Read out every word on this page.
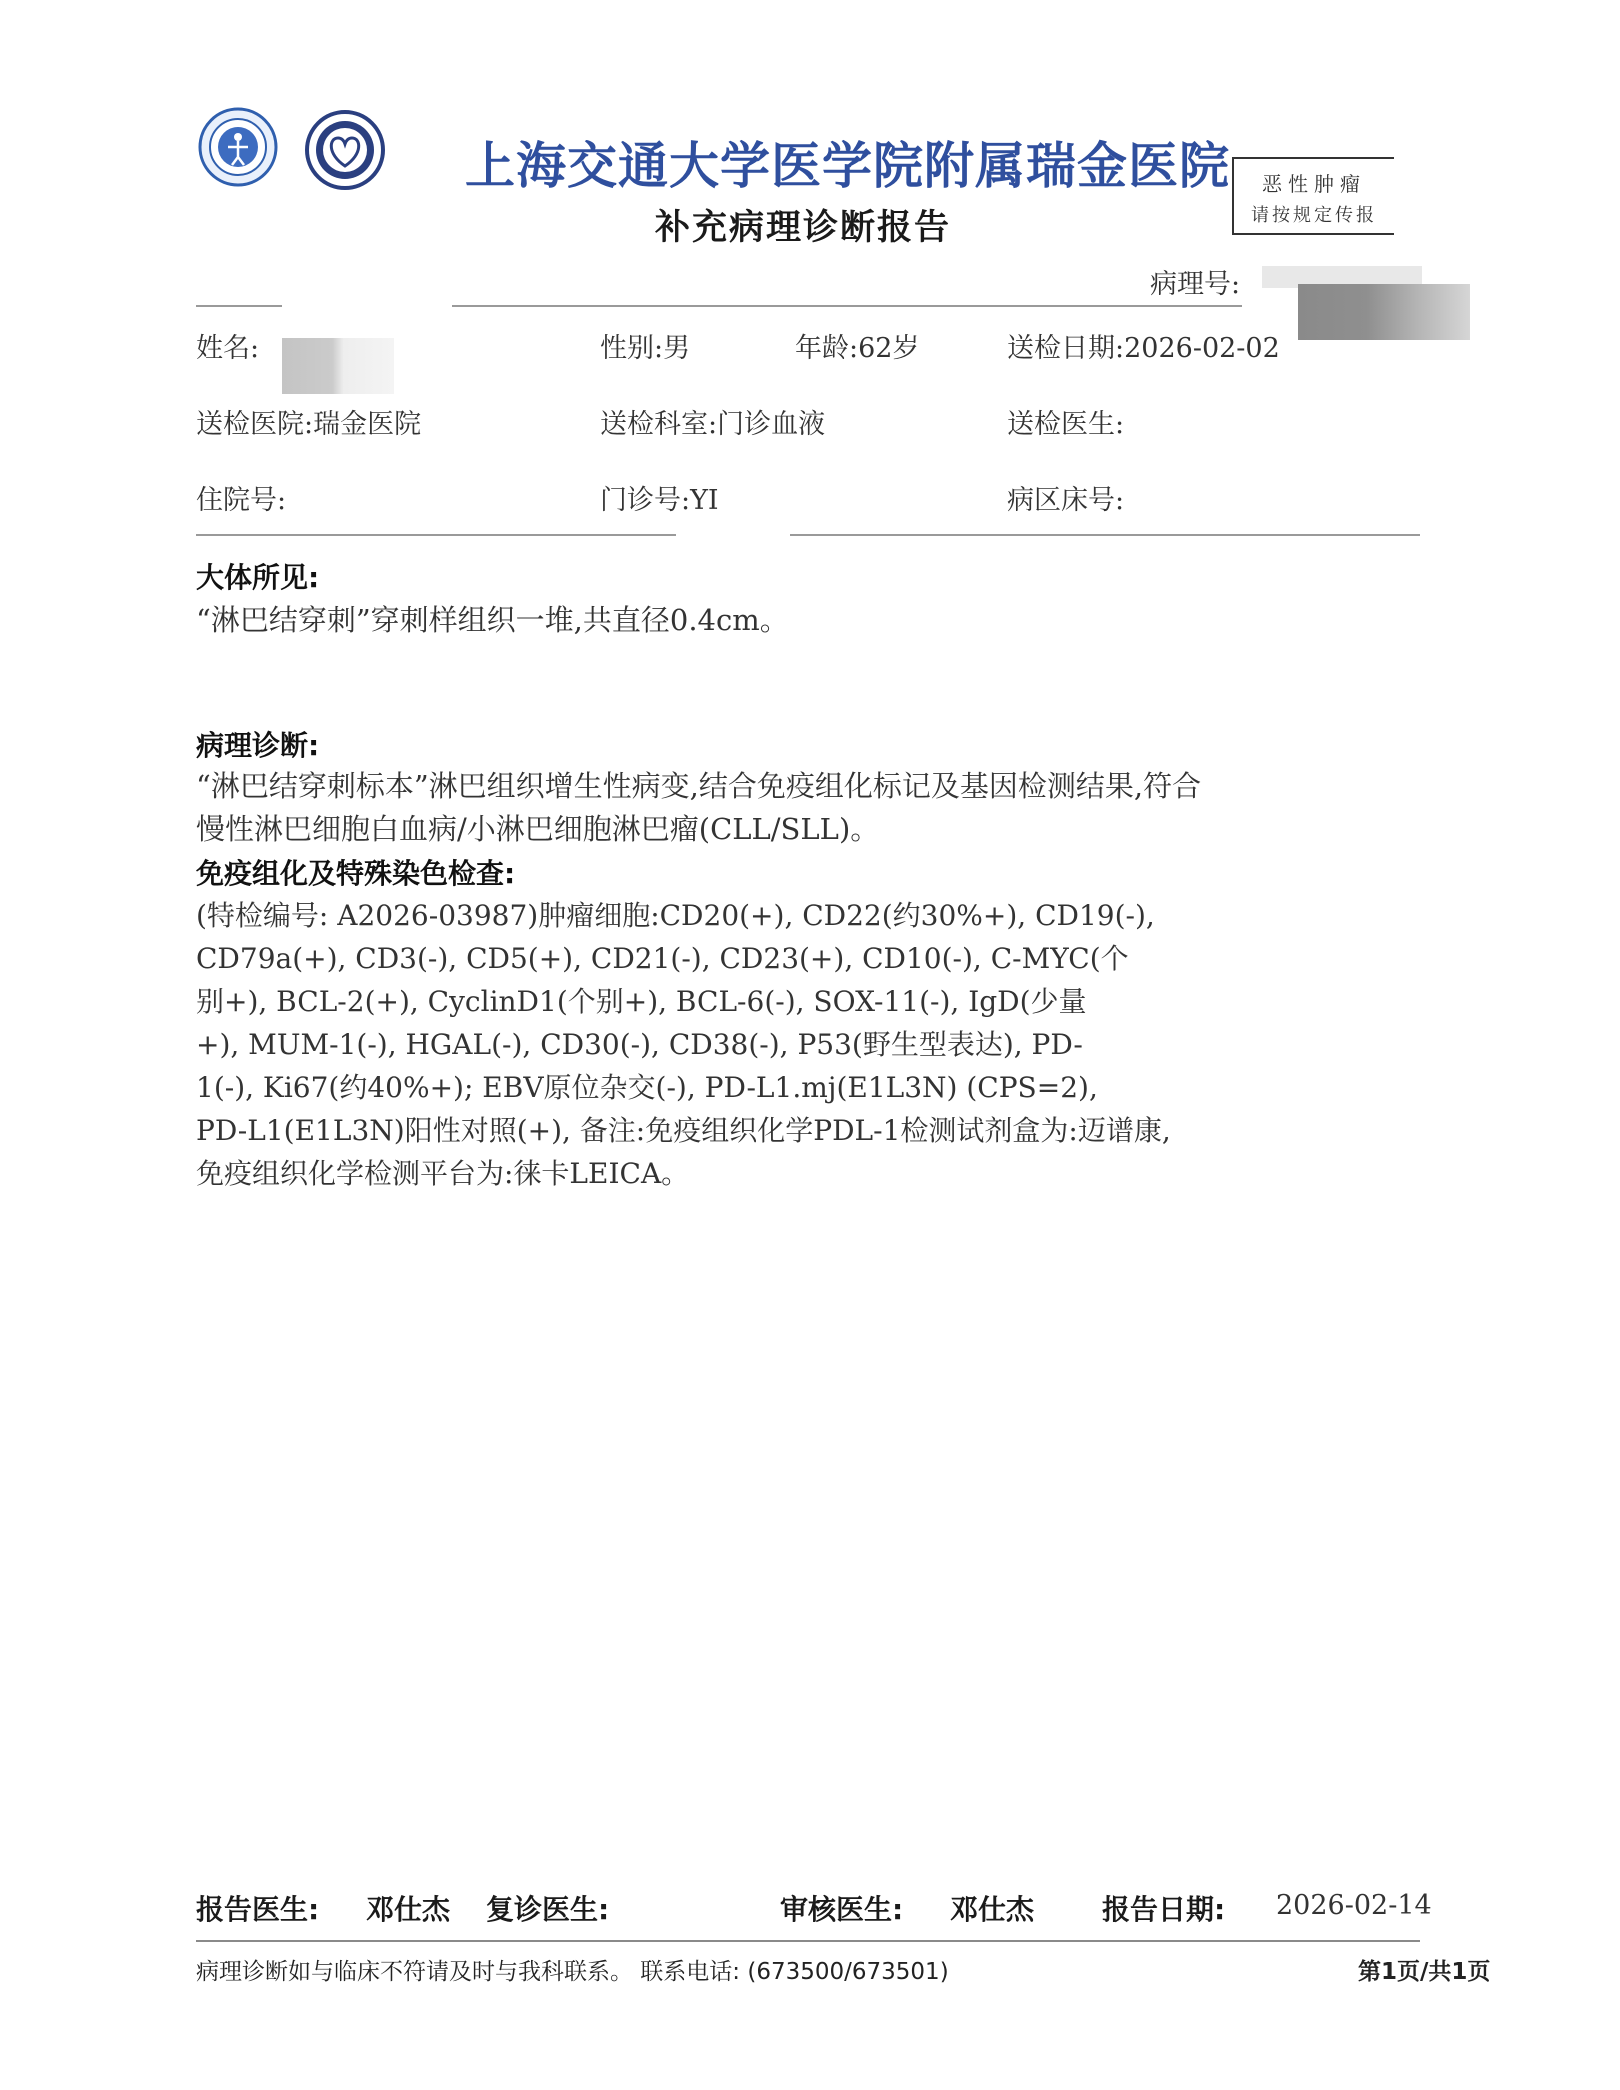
上海交通大学医学院附属瑞金医院
补充病理诊断报告
恶性肿瘤
请按规定传报
病理号:
姓名:	性别:男	年龄:62岁	送检日期:2026-02-02
送检医院:瑞金医院	送检科室:门诊血液	送检医生:
住院号:	门诊号:YI	病区床号:
大体所见:
“淋巴结穿刺”穿刺样组织一堆,共直径0.4cm。
病理诊断:
“淋巴结穿刺标本”淋巴组织增生性病变,结合免疫组化标记及基因检测结果,符合
慢性淋巴细胞白血病/小淋巴细胞淋巴瘤(CLL/SLL)。
免疫组化及特殊染色检查:
(特检编号: A2026-03987)肿瘤细胞:CD20(+), CD22(约30%+), CD19(-),
CD79a(+), CD3(-), CD5(+), CD21(-), CD23(+), CD10(-), C-MYC(个
别+), BCL-2(+), CyclinD1(个别+), BCL-6(-), SOX-11(-), IgD(少量
+), MUM-1(-), HGAL(-), CD30(-), CD38(-), P53(野生型表达), PD-
1(-), Ki67(约40%+); EBV原位杂交(-), PD-L1.mj(E1L3N) (CPS=2),
PD-L1(E1L3N)阳性对照(+), 备注:免疫组织化学PDL-1检测试剂盒为:迈谱康,
免疫组织化学检测平台为:徕卡LEICA。
报告医生: 邓仕杰 复诊医生:	审核医生: 邓仕杰 报告日期: 2026-02-14
病理诊断如与临床不符请及时与我科联系。 联系电话: (673500/673501)	第1页/共1页
